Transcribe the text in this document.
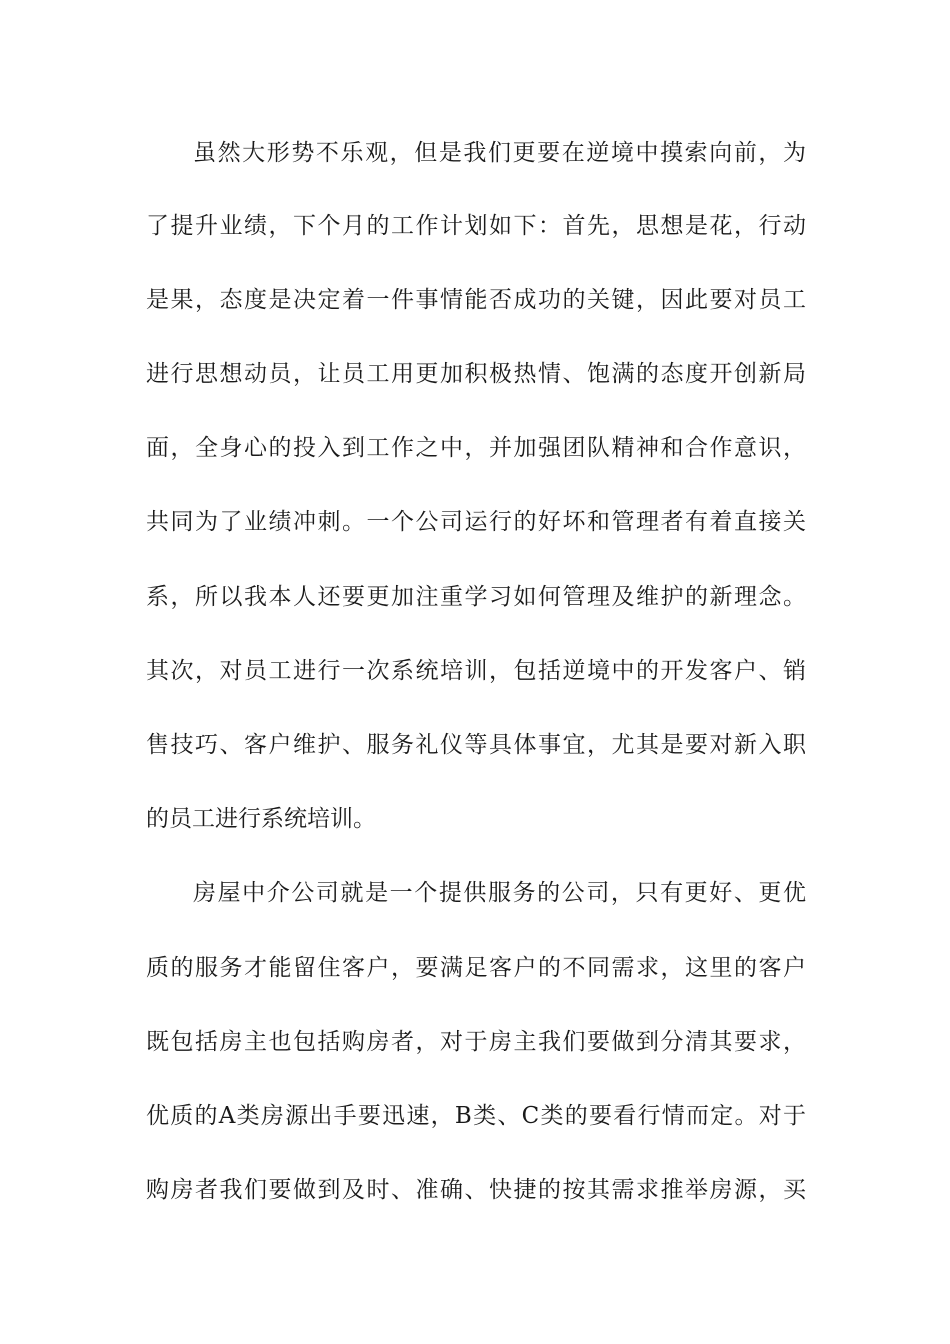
虽然大形势不乐观，但是我们更要在逆境中摸索向前，为
了提升业绩，下个月的工作计划如下：首先，思想是花，行动
是果，态度是决定着一件事情能否成功的关键，因此要对员工
进行思想动员，让员工用更加积极热情、饱满的态度开创新局
面，全身心的投入到工作之中，并加强团队精神和合作意识，
共同为了业绩冲刺。一个公司运行的好坏和管理者有着直接关
系，所以我本人还要更加注重学习如何管理及维护的新理念。
其次，对员工进行一次系统培训，包括逆境中的开发客户、销
售技巧、客户维护、服务礼仪等具体事宜，尤其是要对新入职
的员工进行系统培训。
房屋中介公司就是一个提供服务的公司，只有更好、更优
质的服务才能留住客户，要满足客户的不同需求，这里的客户
既包括房主也包括购房者，对于房主我们要做到分清其要求，
优质的A类房源出手要迅速，B类、C类的要看行情而定。对于
购房者我们要做到及时、准确、快捷的按其需求推举房源，买
